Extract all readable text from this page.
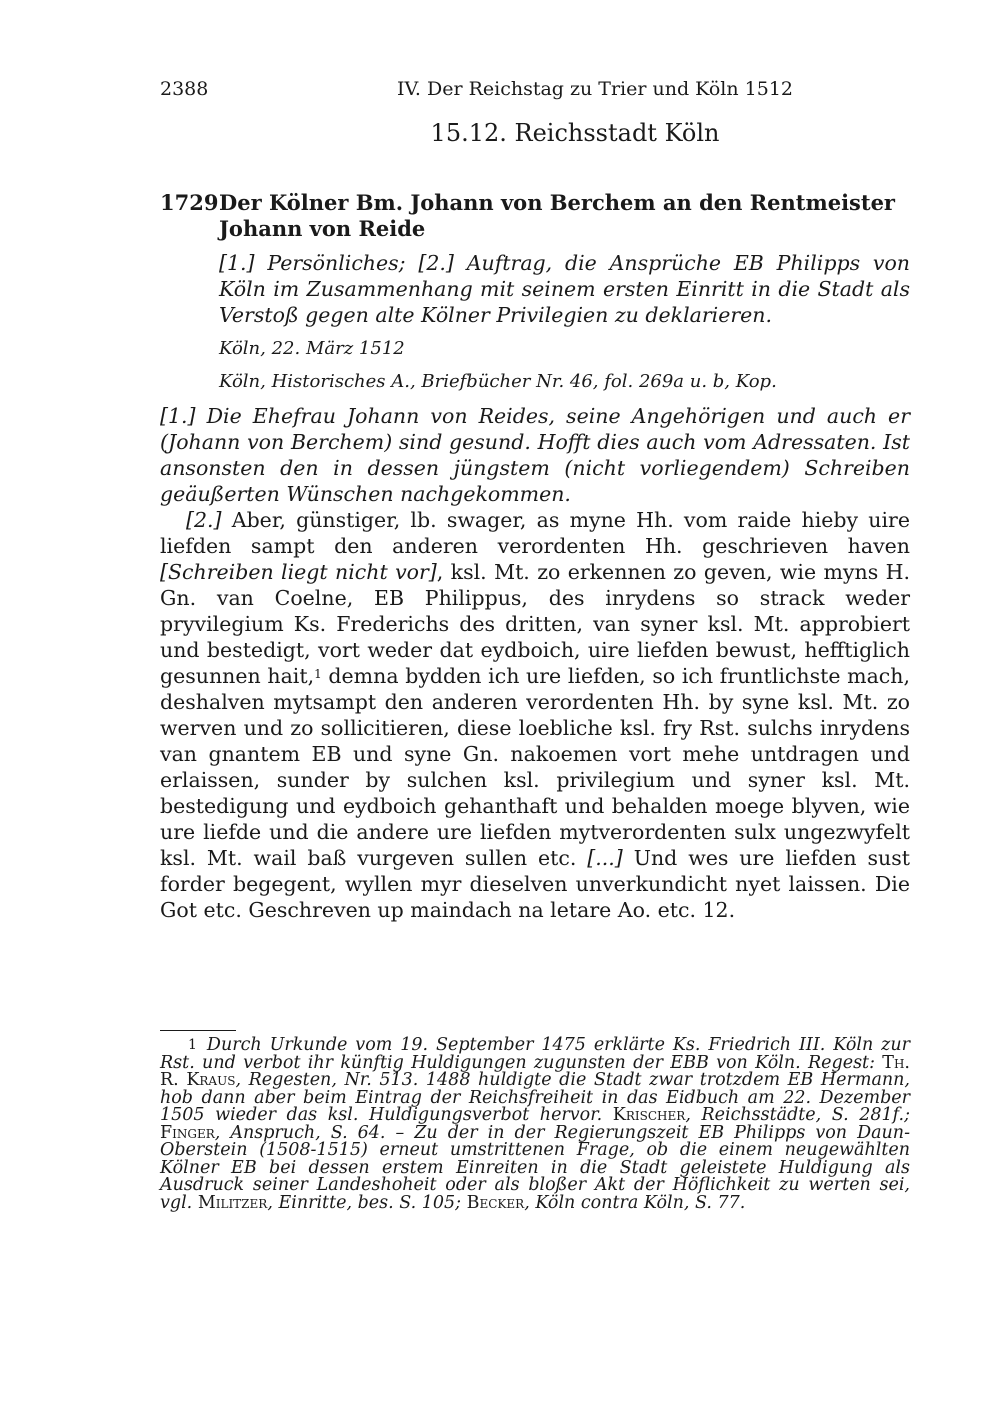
2388	IV. Der Reichstag zu Trier und Köln 1512
15.12. Reichsstadt Köln
1729 Der Kölner Bm. Johann von Berchem an den Rentmeister Johann von Reide
[1.] Persönliches; [2.] Auftrag, die Ansprüche EB Philipps von Köln im Zusammenhang mit seinem ersten Einritt in die Stadt als Verstoß gegen alte Kölner Privilegien zu deklarieren.
Köln, 22. März 1512
Köln, Historisches A., Briefbücher Nr. 46, fol. 269a u. b, Kop.

[1.] Die Ehefrau Johann von Reides, seine Angehörigen und auch er (Johann von Berchem) sind gesund. Hofft dies auch vom Adressaten. Ist ansonsten den in dessen jüngstem (nicht vorliegendem) Schreiben geäußerten Wünschen nachgekommen.

[2.] Aber, günstiger, lb. swager, as myne Hh. vom raide hieby uire liefden sampt den anderen verordenten Hh. geschrieven haven [Schreiben liegt nicht vor], ksl. Mt. zo erkennen zo geven, wie myns H. Gn. van Coelne, EB Philippus, des inrydens so strack weder pryvilegium Ks. Frederichs des dritten, van syner ksl. Mt. approbiert und bestedigt, vort weder dat eydboich, uire liefden bewust, hefftiglich gesunnen hait,$^1$ demna bydden ich ure liefden, so ich fruntlichste mach, deshalven mytsampt den anderen verordenten Hh. by syne ksl. Mt. zo werven und zo sollicitieren, diese loebliche ksl. fry Rst. sulchs inrydens van gnantem EB und syne Gn. nakoemen vort mehe untdragen und erlaissen, sunder by sulchen ksl. privilegium und syner ksl. Mt. bestedigung und eydboich gehanthaft und behalden moege blyven, wie ure liefde und die andere ure liefden mytverordenten sulx ungezwyfelt ksl. Mt. wail baß vurgeven sullen etc. [...] Und wes ure liefden sust forder begegent, wyllen myr dieselven unverkundicht nyet laissen. Die Got etc. Geschreven up maindach na letare Ao. etc. 12.

$^1$ Durch Urkunde vom 19. September 1475 erklärte Ks. Friedrich III. Köln zur Rst. und verbot ihr künftig Huldigungen zugunsten der EBB von Köln. Regest: Th. R. Kraus, Regesten, Nr. 513. 1488 huldigte die Stadt zwar trotzdem EB Hermann, hob dann aber beim Eintrag der Reichsfreiheit in das Eidbuch am 22. Dezember 1505 wieder das ksl. Huldigungsverbot hervor. Krischer, Reichsstädte, S. 281f.; Finger, Anspruch, S. 64. – Zu der in der Regierungszeit EB Philipps von Daun-Oberstein (1508-1515) erneut umstrittenen Frage, ob die einem neugewählten Kölner EB bei dessen erstem Einreiten in die Stadt geleistete Huldigung als Ausdruck seiner Landeshoheit oder als bloßer Akt der Höflichkeit zu werten sei, vgl. Militzer, Einritte, bes. S. 105; Becker, Köln contra Köln, S. 77.
